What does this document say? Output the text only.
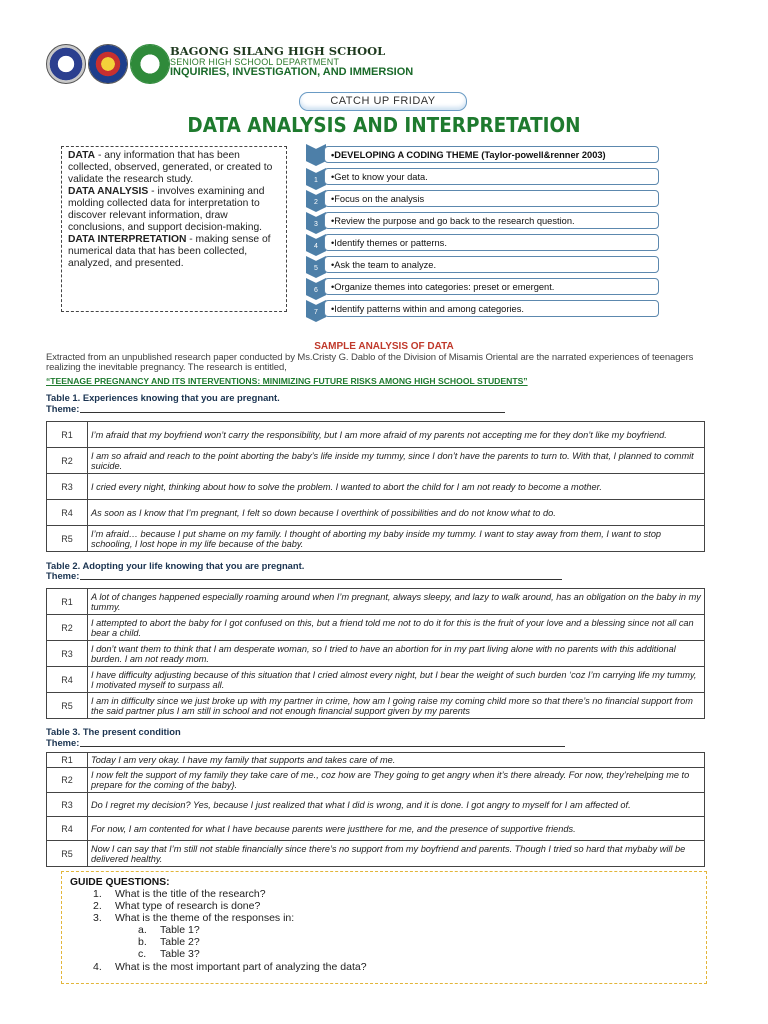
BAGONG SILANG HIGH SCHOOL
SENIOR HIGH SCHOOL DEPARTMENT
INQUIRIES, INVESTIGATION, AND IMMERSION
CATCH UP FRIDAY
DATA ANALYSIS AND INTERPRETATION

DATA - any information that has been collected, observed, generated, or created to validate the research study.

DATA ANALYSIS - involves examining and molding collected data for interpretation to discover relevant information, draw conclusions, and support decision-making.

DATA INTERPRETATION - making sense of numerical data that has been collected, analyzed, and presented.

•DEVELOPING A CODING THEME (Taylor-powell&renner 2003)
1	•Get to know your data.
2	•Focus on the analysis
3	•Review the purpose and go back to the research question.
4	•Identify themes or patterns.
5	•Ask the team to analyze.
6	•Organize themes into categories: preset or emergent.
7	•Identify patterns within and among categories.
SAMPLE ANALYSIS OF DATA
Extracted from an unpublished research paper conducted by Ms.Cristy G. Dablo of the Division of Misamis Oriental are the narrated experiences of teenagers realizing the inevitable pregnancy. The research is entitled,
“TEENAGE PREGNANCY AND ITS INTERVENTIONS: MINIMIZING FUTURE RISKS AMONG HIGH SCHOOL STUDENTS”
Table 1. Experiences knowing that you are pregnant.
Theme:
R1	I’m afraid that my boyfriend won’t carry the responsibility, but I am more afraid of my parents not accepting me for they don’t like my boyfriend.
R2	I am so afraid and reach to the point aborting the baby’s life inside my tummy, since I don’t have the parents to turn to. With that, I planned to commit suicide.
R3	I cried every night, thinking about how to solve the problem. I wanted to abort the child for I am not ready to become a mother.
R4	As soon as I know that I’m pregnant, I felt so down because I overthink of possibilities and do not know what to do.
R5	I’m afraid… because I put shame on my family. I thought of aborting my baby inside my tummy. I want to stay away from them, I want to stop schooling, I lost hope in my life because of the baby.
Table 2. Adopting your life knowing that you are pregnant.
Theme:
R1	A lot of changes happened especially roaming around when I’m pregnant, always sleepy, and lazy to walk around, has an obligation on the baby in my tummy.
R2	I attempted to abort the baby for I got confused on this, but a friend told me not to do it for this is the fruit of your love and a blessing since not all can bear a child.
R3	I don’t want them to think that I am desperate woman, so I tried to have an abortion for in my part living alone with no parents with this additional burden. I am not ready mom.
R4	I have difficulty adjusting because of this situation that I cried almost every night, but I bear the weight of such burden ‘coz I’m carrying life my tummy, I motivated myself to surpass all.
R5	I am in difficulty since we just broke up with my partner in crime, how am I going raise my coming child more so that there’s no financial support from the said partner plus I am still in school and not enough financial support given by my parents
Table 3. The present condition
Theme:
R1	Today I am very okay. I have my family that supports and takes care of me.
R2	I now felt the support of my family they take care of me., coz how are They going to get angry when it’s there already. For now, they’rehelping me to prepare for the coming of the baby}.
R3	Do I regret my decision? Yes, because I just realized that what I did is wrong, and it is done. I got angry to myself for I am affected of.
R4	For now, I am contented for what I have because parents were justthere for me, and the presence of supportive friends.
R5	Now I can say that I’m still not stable financially since there’s no support from my boyfriend and parents. Though I tried so hard that mybaby will be delivered healthy.
GUIDE QUESTIONS:
1. What is the title of the research?
2. What type of research is done?
3. What is the theme of the responses in:
a. Table 1?
b. Table 2?
c. Table 3?
4. What is the most important part of analyzing the data?
